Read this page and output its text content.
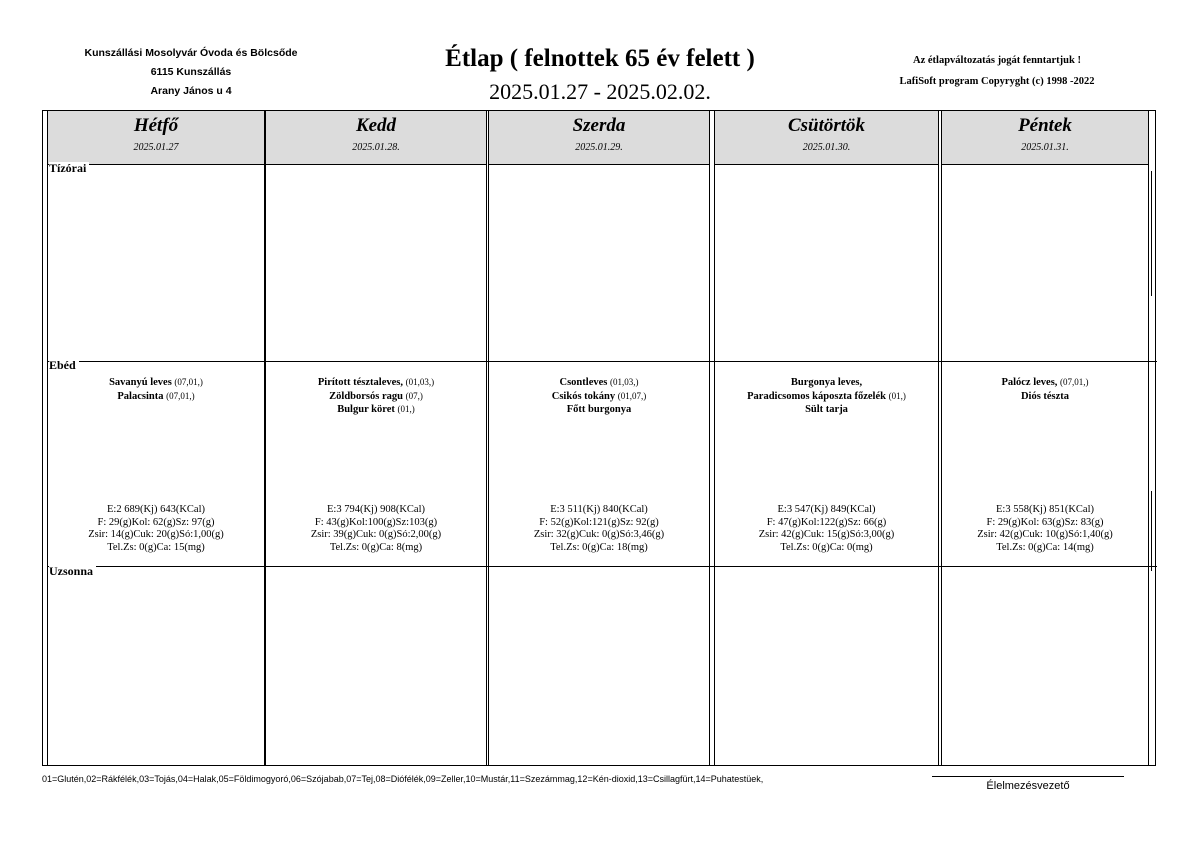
Kunszállási Mosolyvár Óvoda és Bölcsőde
6115 Kunszállás
Arany János u 4
Étlap ( felnottek 65 év felett )
2025.01.27 - 2025.02.02.
Az étlapváltozatás jogát fenntartjuk !
LafiSoft program Copyryght (c) 1998 -2022
Hétfő
2025.01.27
Kedd
2025.01.28.
Szerda
2025.01.29.
Csütörtök
2025.01.30.
Péntek
2025.01.31.
Tízórai
Ebéd
Uzsonna
Savanyú leves (07,01,)
Palacsinta (07,01,)
Pirított tésztaleves, (01,03,)
Zöldborsós ragu (07,)
Bulgur köret (01,)
Csontleves (01,03,)
Csikós tokány (01,07,)
Főtt burgonya
Burgonya leves,
Paradicsomos káposzta főzelék (01,)
Sült tarja
Palócz leves, (07,01,)
Diós tészta
E:2 689(Kj) 643(KCal)
F: 29(g)Kol: 62(g)Sz: 97(g)
Zsir: 14(g)Cuk: 20(g)Só:1,00(g)
Tel.Zs: 0(g)Ca: 15(mg)
E:3 794(Kj) 908(KCal)
F: 43(g)Kol:100(g)Sz:103(g)
Zsir: 39(g)Cuk: 0(g)Só:2,00(g)
Tel.Zs: 0(g)Ca: 8(mg)
E:3 511(Kj) 840(KCal)
F: 52(g)Kol:121(g)Sz: 92(g)
Zsir: 32(g)Cuk: 0(g)Só:3,46(g)
Tel.Zs: 0(g)Ca: 18(mg)
E:3 547(Kj) 849(KCal)
F: 47(g)Kol:122(g)Sz: 66(g)
Zsir: 42(g)Cuk: 15(g)Só:3,00(g)
Tel.Zs: 0(g)Ca: 0(mg)
E:3 558(Kj) 851(KCal)
F: 29(g)Kol: 63(g)Sz: 83(g)
Zsir: 42(g)Cuk: 10(g)Só:1,40(g)
Tel.Zs: 0(g)Ca: 14(mg)
01=Glutén,02=Rákfélék,03=Tojás,04=Halak,05=Földimogyoró,06=Szójabab,07=Tej,08=Diófélék,09=Zeller,10=Mustár,11=Szezámmag,12=Kén-dioxid,13=Csillagfürt,14=Puhatestüek,
Élelmezésvezető
